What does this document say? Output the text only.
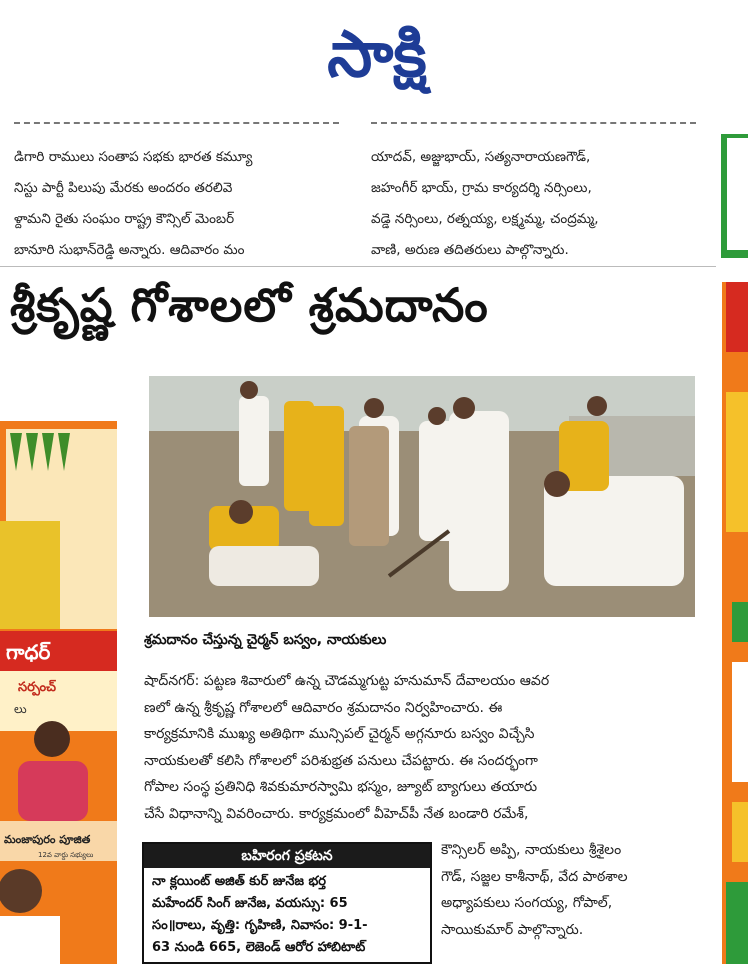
సాక్షి
డిగారి రాములు సంతాప సభకు భారత కమ్యూ
నిస్టు పార్టీ పిలుపు మేరకు అందరం తరలివె
ళ్దామని రైతు సంఘం రాష్ట్ర కౌన్సిల్ మెంబర్
బానూరి సుభాన్‌రెడ్డి అన్నారు. ఆదివారం మం
యాదవ్, అజ్జుభాయ్, సత్యనారాయణగౌడ్,
జహంగీర్ భాయ్, గ్రామ కార్యదర్శి నర్సింలు,
వడ్డె నర్సింలు, రత్నయ్య, లక్ష్మమ్మ, చంద్రమ్మ,
వాణి, అరుణ తదితరులు పాల్గొన్నారు.
శ్రీకృష్ణ గోశాలలో శ్రమదానం
శ్రమదానం చేస్తున్న చైర్మన్ బస్వం, నాయకులు
షాద్‌నగర్: పట్టణ శివారులో ఉన్న చౌడమ్మగుట్ట హనుమాన్ దేవాలయం ఆవర
ణలో ఉన్న శ్రీకృష్ణ గోశాలలో ఆదివారం శ్రమదానం నిర్వహించారు. ఈ
కార్యక్రమానికి ముఖ్య అతిథిగా మున్సిపల్ చైర్మన్ అగ్గనూరు బస్వం విచ్చేసి
నాయకులతో కలిసి గోశాలలో పరిశుభ్రత పనులు చేపట్టారు. ఈ సందర్భంగా
గోపాల సంస్థ ప్రతినిధి శివకుమారస్వామి భస్మం, జ్యూట్ బ్యాగులు తయారు
చేసే విధానాన్ని వివరించారు. కార్యక్రమంలో వీహెచ్‌పీ నేత బండారి రమేశ్,
కౌన్సిలర్ అప్పి, నాయకులు శ్రీశైలం
గౌడ్, సజ్జల కాశీనాథ్, వేద పాఠశాల
అధ్యాపకులు సంగయ్య, గోపాల్,
సాయికుమార్ పాల్గొన్నారు.
బహిరంగ ప్రకటన
నా క్లయింట్ అజిత్ కుర్ జునేజ భర్త
మహేందర్ సింగ్ జునేజ, వయస్సు: 65
సం॥రాలు, వృత్తి: గృహిణి, నివాసం: 9-1-
63 నుండి 665, లెజెండ్ ఆరోర హాబిటాట్
గాధర్
సర్పంచ్
లు
మంజాపురం పూజిత
12వ వార్డు సభ్యులు
